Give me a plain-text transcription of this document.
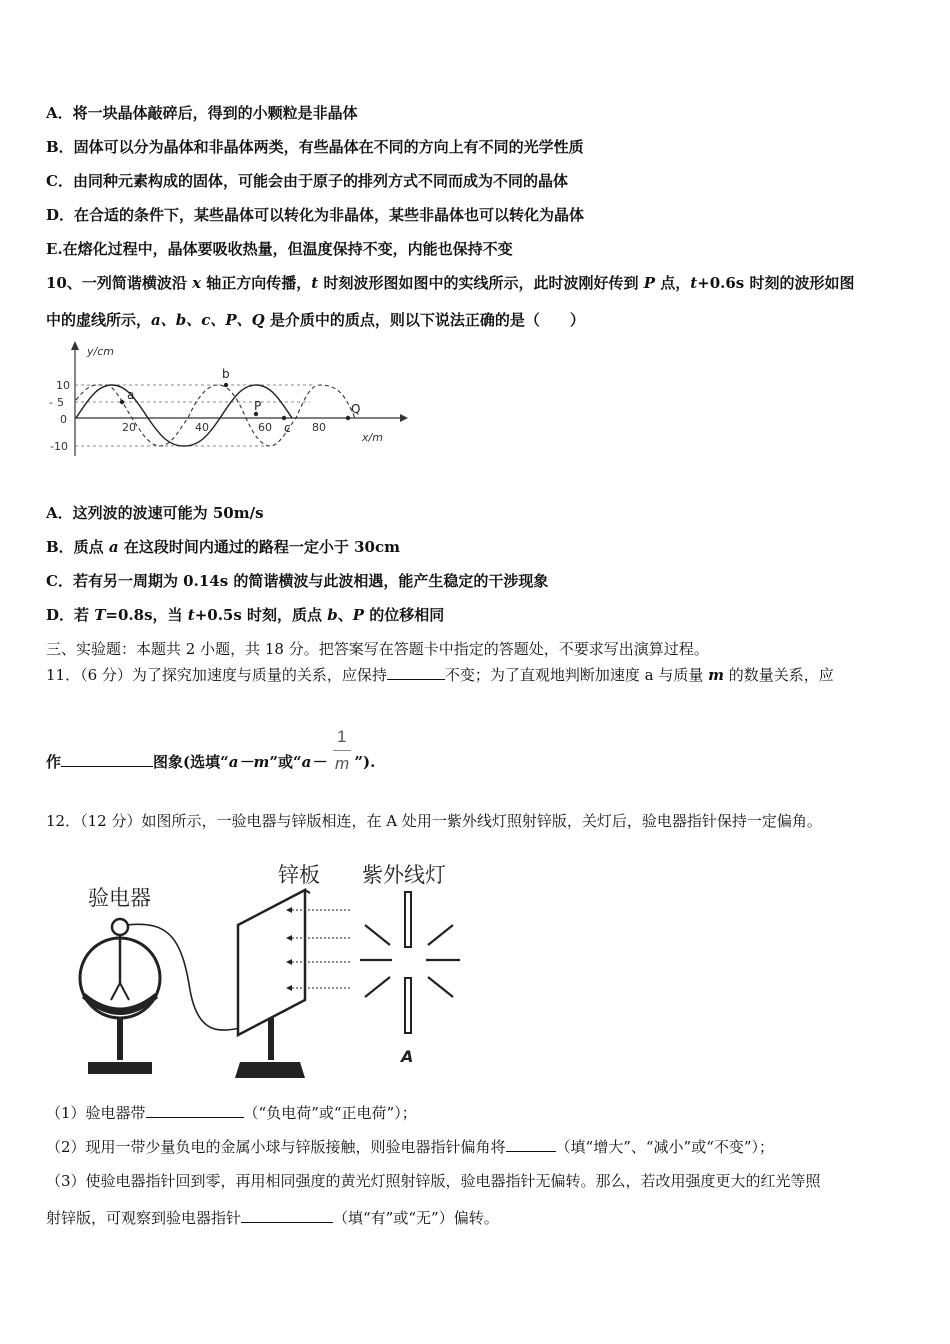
A．将一块晶体敲碎后，得到的小颗粒是非晶体
B．固体可以分为晶体和非晶体两类，有些晶体在不同的方向上有不同的光学性质
C．由同种元素构成的固体，可能会由于原子的排列方式不同而成为不同的晶体
D．在合适的条件下，某些晶体可以转化为非晶体，某些非晶体也可以转化为晶体
E.在熔化过程中，晶体要吸收热量，但温度保持不变，内能也保持不变
10、一列简谐横波沿 x 轴正方向传播，t 时刻波形图如图中的实线所示，此时波刚好传到 P 点，t+0.6s 时刻的波形如图
中的虚线所示，a、b、c、P、Q 是介质中的质点，则以下说法正确的是（　　）
y/cm
x/m
10
5
-
0
-10
20	40	60	80
a
b
P
c
Q
A．这列波的波速可能为 50m/s
B．质点 a 在这段时间内通过的路程一定小于 30cm
C．若有另一周期为 0.14s 的简谐横波与此波相遇，能产生稳定的干涉现象
D．若 T=0.8s，当 t+0.5s 时刻，质点 b、P 的位移相同
三、实验题：本题共 2 小题，共 18 分。把答案写在答题卡中指定的答题处，不要求写出演算过程。
11．（6 分）为了探究加速度与质量的关系，应保持	不变；为了直观地判断加速度 a 与质量 m 的数量关系，应
作	图象(选填“a－m”或“a－ ”).
1
m
12．（12 分）如图所示，一验电器与锌版相连，在 A 处用一紫外线灯照射锌版，关灯后，验电器指针保持一定偏角。
验电器
锌板 紫外线灯
A
（1）验电器带	（“负电荷”或“正电荷”）；
（2）现用一带少量负电的金属小球与锌版接触，则验电器指针偏角将	（填“增大”、“减小”或“不变”）；
（3）使验电器指针回到零，再用相同强度的黄光灯照射锌版，验电器指针无偏转。那么，若改用强度更大的红光等照
射锌版，可观察到验电器指针	（填“有”或“无”）偏转。
